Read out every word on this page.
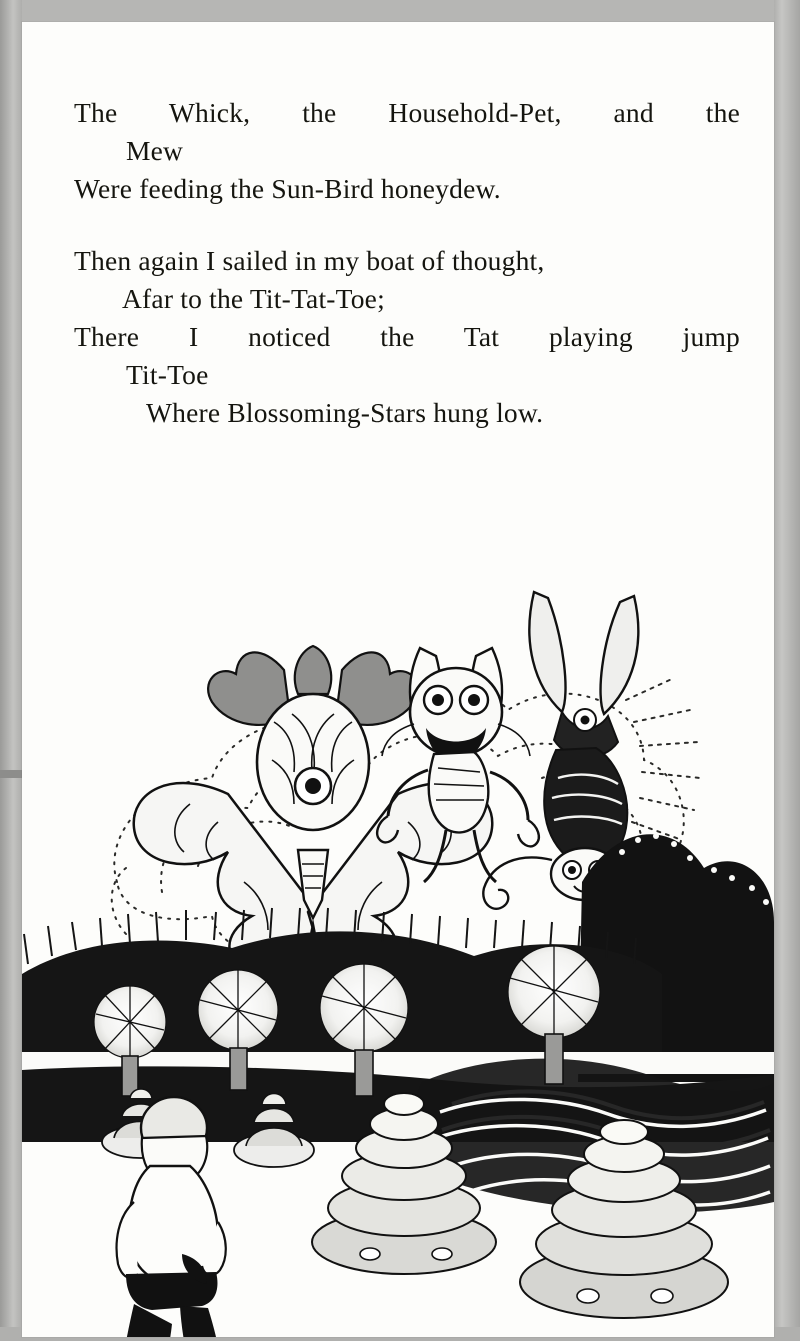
The Whick, the Household-Pet, and the
Mew
Were feeding the Sun-Bird honeydew.
Then again I sailed in my boat of thought,
Afar to the Tit-Tat-Toe;
There I noticed the Tat playing jump
Tit-Toe
Where Blossoming-Stars hung low.
